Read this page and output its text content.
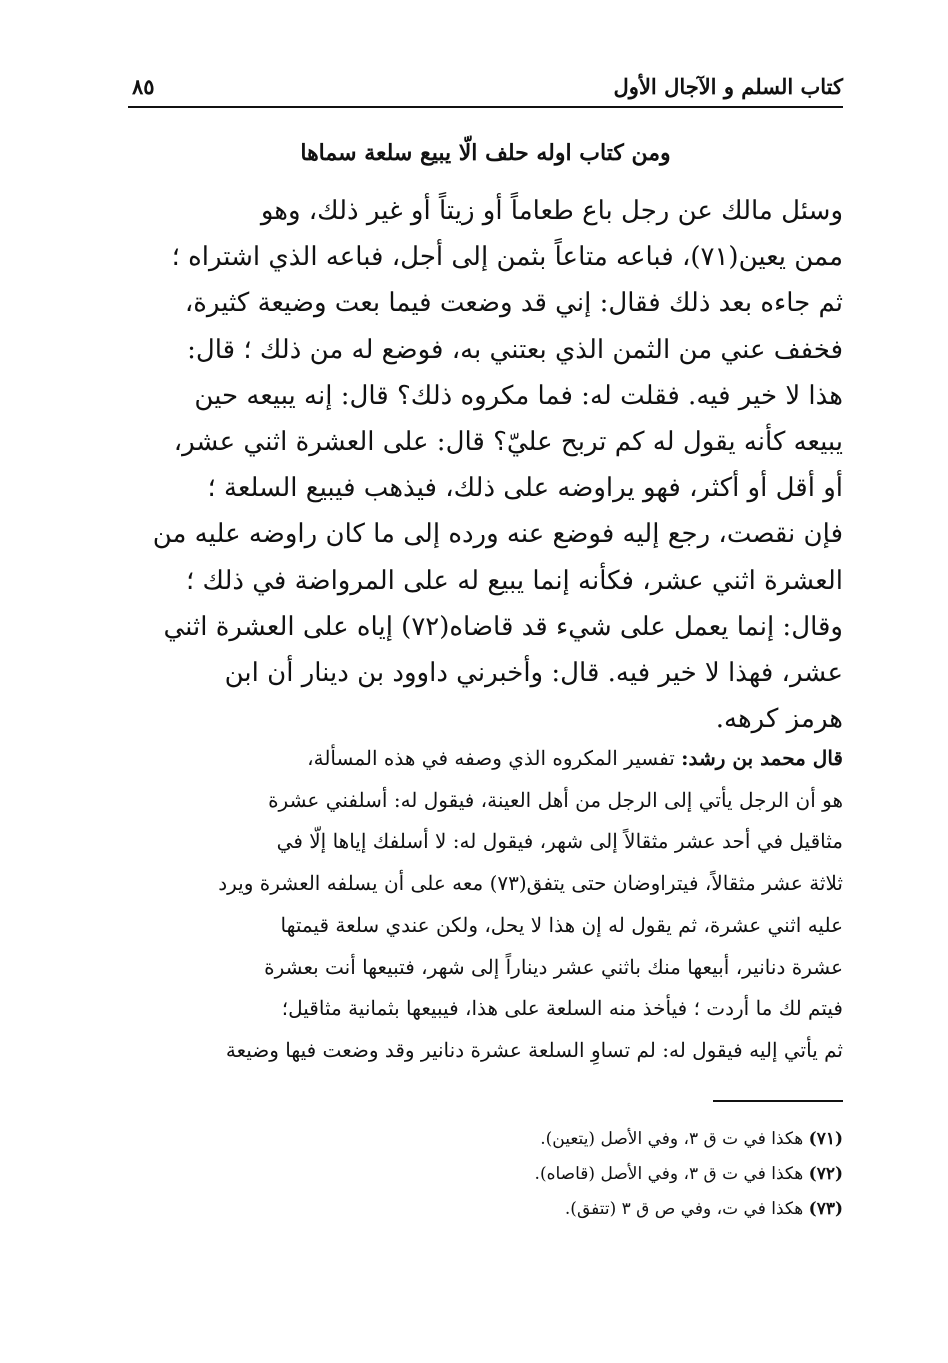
كتاب السلم و الآجال الأول
٨٥
ومن كتاب اوله حلف الّا يبيع سلعة سماها
وسئل مالك عن رجل باع طعاماً أو زيتاً أو غير ذلك، وهو
ممن يعين(٧١)، فباعه متاعاً بثمن إلى أجل، فباعه الذي اشتراه ؛
ثم جاءه بعد ذلك فقال: إني قد وضعت فيما بعت وضيعة كثيرة،
فخفف عني من الثمن الذي بعتني به، فوضع له من ذلك ؛ قال:
هذا لا خير فيه. فقلت له: فما مكروه ذلك؟ قال: إنه يبيعه حين
يبيعه كأنه يقول له كم تربح عليّ؟ قال: على العشرة اثني عشر،
أو أقل أو أكثر، فهو يراوضه على ذلك، فيذهب فيبيع السلعة ؛
فإن نقصت، رجع إليه فوضع عنه ورده إلى ما كان راوضه عليه من
العشرة اثني عشر، فكأنه إنما يبيع له على المرواضة في ذلك ؛
وقال: إنما يعمل على شيء قد قاضاه(٧٢) إياه على العشرة اثني
عشر، فهذا لا خير فيه. قال: وأخبرني داوود بن دينار أن ابن
هرمز كرهه.
قال محمد بن رشد: تفسير المكروه الذي وصفه في هذه المسألة،
هو أن الرجل يأتي إلى الرجل من أهل العينة، فيقول له: أسلفني عشرة
مثاقيل في أحد عشر مثقالاً إلى شهر، فيقول له: لا أسلفك إياها إلّا في
ثلاثة عشر مثقالاً، فيتراوضان حتى يتفق(٧٣) معه على أن يسلفه العشرة ويرد
عليه اثني عشرة، ثم يقول له إن هذا لا يحل، ولكن عندي سلعة قيمتها
عشرة دنانير، أبيعها منك باثني عشر ديناراً إلى شهر، فتبيعها أنت بعشرة
فيتم لك ما أردت ؛ فيأخذ منه السلعة على هذا، فيبيعها بثمانية مثاقيل؛
ثم يأتي إليه فيقول له: لم تساوِ السلعة عشرة دنانير وقد وضعت فيها وضيعة
(٧١) هكذا في ت ق ٣، وفي الأصل (يتعين).
(٧٢) هكذا في ت ق ٣، وفي الأصل (قاصاه).
(٧٣) هكذا في ت، وفي ص ق ٣ (تتفق).
